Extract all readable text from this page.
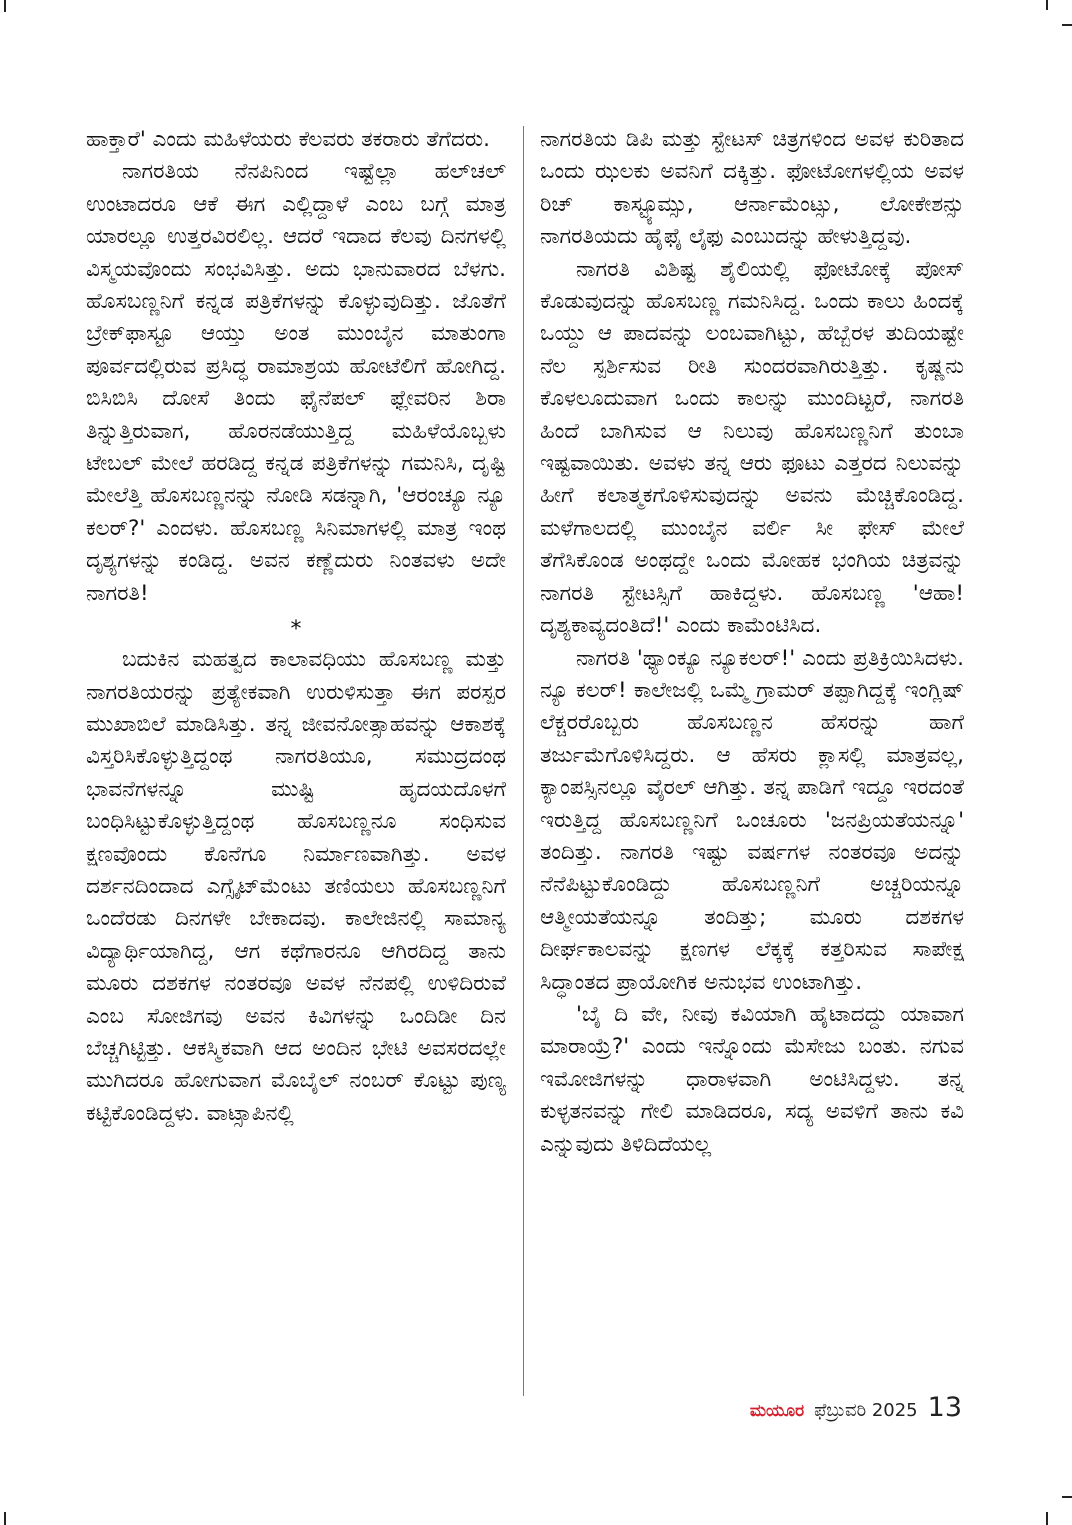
ಹಾಕ್ತಾರೆ' ಎಂದು ಮಹಿಳೆಯರು ಕೆಲವರು ತಕರಾರು ತೆಗೆದರು.

ನಾಗರತಿಯ ನೆನಪಿನಿಂದ ಇಷ್ಟೆಲ್ಲಾ ಹಲ್‌ಚಲ್ ಉಂಟಾದರೂ ಆಕೆ ಈಗ ಎಲ್ಲಿದ್ದಾಳೆ ಎಂಬ ಬಗ್ಗೆ ಮಾತ್ರ ಯಾರಲ್ಲೂ ಉತ್ತರವಿರಲಿಲ್ಲ. ಆದರೆ ಇದಾದ ಕೆಲವು ದಿನಗಳಲ್ಲಿ ವಿಸ್ಮಯವೊಂದು ಸಂಭವಿಸಿತ್ತು. ಅದು ಭಾನುವಾರದ ಬೆಳಗು. ಹೊಸಬಣ್ಣನಿಗೆ ಕನ್ನಡ ಪತ್ರಿಕೆಗಳನ್ನು ಕೊಳ್ಳುವುದಿತ್ತು. ಜೊತೆಗೆ ಬ್ರೇಕ್‌ಫಾಸ್ಟೂ ಆಯ್ತು ಅಂತ ಮುಂಬೈನ ಮಾತುಂಗಾ ಪೂರ್ವದಲ್ಲಿರುವ ಪ್ರಸಿದ್ಧ ರಾಮಾಶ್ರಯ ಹೋಟೆಲಿಗೆ ಹೋಗಿದ್ದ. ಬಿಸಿಬಿಸಿ ದೋಸೆ ತಿಂದು ಫೈನೆಪಲ್ ಫ್ಲೇವರಿನ ಶಿರಾ ತಿನ್ನುತ್ತಿರುವಾಗ, ಹೊರನಡೆಯುತ್ತಿದ್ದ ಮಹಿಳೆಯೊಬ್ಬಳು ಟೇಬಲ್ ಮೇಲೆ ಹರಡಿದ್ದ ಕನ್ನಡ ಪತ್ರಿಕೆಗಳನ್ನು ಗಮನಿಸಿ, ದೃಷ್ಟಿ ಮೇಲೆತ್ತಿ ಹೊಸಬಣ್ಣನನ್ನು ನೋಡಿ ಸಡನ್ನಾಗಿ, 'ಆರಂಚ್ಯೂ ನ್ಯೂ ಕಲರ್?' ಎಂದಳು. ಹೊಸಬಣ್ಣ ಸಿನಿಮಾಗಳಲ್ಲಿ ಮಾತ್ರ ಇಂಥ ದೃಶ್ಯಗಳನ್ನು ಕಂಡಿದ್ದ. ಅವನ ಕಣ್ಣೆದುರು ನಿಂತವಳು ಅದೇ ನಾಗರತಿ!

*

ಬದುಕಿನ ಮಹತ್ವದ ಕಾಲಾವಧಿಯು ಹೊಸಬಣ್ಣ ಮತ್ತು ನಾಗರತಿಯರನ್ನು ಪ್ರತ್ಯೇಕವಾಗಿ ಉರುಳಿಸುತ್ತಾ ಈಗ ಪರಸ್ಪರ ಮುಖಾಬಿಲೆ ಮಾಡಿಸಿತ್ತು. ತನ್ನ ಜೀವನೋತ್ಸಾಹವನ್ನು ಆಕಾಶಕ್ಕೆ ವಿಸ್ತರಿಸಿಕೊಳ್ಳುತ್ತಿದ್ದಂಥ ನಾಗರತಿಯೂ, ಸಮುದ್ರದಂಥ ಭಾವನೆಗಳನ್ನೂ ಮುಷ್ಟಿ ಹೃದಯದೊಳಗೆ ಬಂಧಿಸಿಟ್ಟುಕೊಳ್ಳುತ್ತಿದ್ದಂಥ ಹೊಸಬಣ್ಣನೂ ಸಂಧಿಸುವ ಕ್ಷಣವೊಂದು ಕೊನೆಗೂ ನಿರ್ಮಾಣವಾಗಿತ್ತು. ಅವಳ ದರ್ಶನದಿಂದಾದ ಎಗ್ಸೈಟ್‌ಮೆಂಟು ತಣಿಯಲು ಹೊಸಬಣ್ಣನಿಗೆ ಒಂದೆರಡು ದಿನಗಳೇ ಬೇಕಾದವು. ಕಾಲೇಜಿನಲ್ಲಿ ಸಾಮಾನ್ಯ ವಿದ್ಯಾರ್ಥಿಯಾಗಿದ್ದ, ಆಗ ಕಥೆಗಾರನೂ ಆಗಿರದಿದ್ದ ತಾನು ಮೂರು ದಶಕಗಳ ನಂತರವೂ ಅವಳ ನೆನಪಲ್ಲಿ ಉಳಿದಿರುವೆ ಎಂಬ ಸೋಜಿಗವು ಅವನ ಕಿವಿಗಳನ್ನು ಒಂದಿಡೀ ದಿನ ಬೆಚ್ಚಗಿಟ್ಟಿತ್ತು. ಆಕಸ್ಮಿಕವಾಗಿ ಆದ ಅಂದಿನ ಭೇಟಿ ಅವಸರದಲ್ಲೇ ಮುಗಿದರೂ ಹೋಗುವಾಗ ಮೊಬೈಲ್ ನಂಬರ್ ಕೊಟ್ಟು ಪುಣ್ಯ ಕಟ್ಟಿಕೊಂಡಿದ್ದಳು. ವಾಟ್ಸಾಪಿನಲ್ಲಿ

ನಾಗರತಿಯ ಡಿಪಿ ಮತ್ತು ಸ್ಟೇಟಸ್ ಚಿತ್ರಗಳಿಂದ ಅವಳ ಕುರಿತಾದ ಒಂದು ಝಲಕು ಅವನಿಗೆ ದಕ್ಕಿತ್ತು. ಫೋಟೋಗಳಲ್ಲಿಯ ಅವಳ ರಿಚ್ ಕಾಸ್ಟ್ಯೂಮ್ಸು, ಆರ್ನಾಮೆಂಟ್ಸು, ಲೋಕೇಶನ್ಸು ನಾಗರತಿಯದು ಹೈಫೈ ಲೈಫು ಎಂಬುದನ್ನು ಹೇಳುತ್ತಿದ್ದವು.

ನಾಗರತಿ ವಿಶಿಷ್ಟ ಶೈಲಿಯಲ್ಲಿ ಫೋಟೋಕ್ಕೆ ಪೋಸ್ ಕೊಡುವುದನ್ನು ಹೊಸಬಣ್ಣ ಗಮನಿಸಿದ್ದ. ಒಂದು ಕಾಲು ಹಿಂದಕ್ಕೆ ಒಯ್ದು ಆ ಪಾದವನ್ನು ಲಂಬವಾಗಿಟ್ಟು, ಹೆಬ್ಬೆರಳ ತುದಿಯಷ್ಟೇ ನೆಲ ಸ್ಪರ್ಶಿಸುವ ರೀತಿ ಸುಂದರವಾಗಿರುತ್ತಿತ್ತು. ಕೃಷ್ಣನು ಕೊಳಲೂದುವಾಗ ಒಂದು ಕಾಲನ್ನು ಮುಂದಿಟ್ಟರೆ, ನಾಗರತಿ ಹಿಂದೆ ಬಾಗಿಸುವ ಆ ನಿಲುವು ಹೊಸಬಣ್ಣನಿಗೆ ತುಂಬಾ ಇಷ್ಟವಾಯಿತು. ಅವಳು ತನ್ನ ಆರು ಫೂಟು ಎತ್ತರದ ನಿಲುವನ್ನು ಹೀಗೆ ಕಲಾತ್ಮಕಗೊಳಿಸುವುದನ್ನು ಅವನು ಮೆಚ್ಚಿಕೊಂಡಿದ್ದ. ಮಳೆಗಾಲದಲ್ಲಿ ಮುಂಬೈನ ವರ್ಲಿ ಸೀ ಫೇಸ್ ಮೇಲೆ ತೆಗೆಸಿಕೊಂಡ ಅಂಥದ್ದೇ ಒಂದು ಮೋಹಕ ಭಂಗಿಯ ಚಿತ್ರವನ್ನು ನಾಗರತಿ ಸ್ಟೇಟಸ್ಸಿಗೆ ಹಾಕಿದ್ದಳು. ಹೊಸಬಣ್ಣ 'ಆಹಾ! ದೃಶ್ಯಕಾವ್ಯದಂತಿದೆ!' ಎಂದು ಕಾಮೆಂಟಿಸಿದ.

ನಾಗರತಿ 'ಥ್ಯಾಂಕ್ಯೂ ನ್ಯೂಕಲರ್!' ಎಂದು ಪ್ರತಿಕ್ರಿಯಿಸಿದಳು. ನ್ಯೂ ಕಲರ್! ಕಾಲೇಜಲ್ಲಿ ಒಮ್ಮೆ ಗ್ರಾಮರ್ ತಪ್ಪಾಗಿದ್ದಕ್ಕೆ ಇಂಗ್ಲಿಷ್ ಲೆಕ್ಚರರೊಬ್ಬರು ಹೊಸಬಣ್ಣನ ಹೆಸರನ್ನು ಹಾಗೆ ತರ್ಜುಮೆಗೊಳಿಸಿದ್ದರು. ಆ ಹೆಸರು ಕ್ಲಾಸಲ್ಲಿ ಮಾತ್ರವಲ್ಲ, ಕ್ಯಾಂಪಸ್ಸಿನಲ್ಲೂ ವೈರಲ್ ಆಗಿತ್ತು. ತನ್ನ ಪಾಡಿಗೆ ಇದ್ದೂ ಇರದಂತೆ ಇರುತ್ತಿದ್ದ ಹೊಸಬಣ್ಣನಿಗೆ ಒಂಚೂರು 'ಜನಪ್ರಿಯತೆಯನ್ನೂ' ತಂದಿತ್ತು. ನಾಗರತಿ ಇಷ್ಟು ವರ್ಷಗಳ ನಂತರವೂ ಅದನ್ನು ನೆನೆಪಿಟ್ಟುಕೊಂಡಿದ್ದು ಹೊಸಬಣ್ಣನಿಗೆ ಅಚ್ಚರಿಯನ್ನೂ ಆತ್ಮೀಯತೆಯನ್ನೂ ತಂದಿತ್ತು; ಮೂರು ದಶಕಗಳ ದೀರ್ಘಕಾಲವನ್ನು ಕ್ಷಣಗಳ ಲೆಕ್ಕಕ್ಕೆ ಕತ್ತರಿಸುವ ಸಾಪೇಕ್ಷ ಸಿದ್ಧಾಂತದ ಪ್ರಾಯೋಗಿಕ ಅನುಭವ ಉಂಟಾಗಿತ್ತು.

'ಬೈ ದಿ ವೇ, ನೀವು ಕವಿಯಾಗಿ ಹೈಟಾದದ್ದು ಯಾವಾಗ ಮಾರಾಯ್ರೆ?' ಎಂದು ಇನ್ನೊಂದು ಮೆಸೇಜು ಬಂತು. ನಗುವ ಇಮೋಜಿಗಳನ್ನು ಧಾರಾಳವಾಗಿ ಅಂಟಿಸಿದ್ದಳು. ತನ್ನ ಕುಳ್ಳತನವನ್ನು ಗೇಲಿ ಮಾಡಿದರೂ, ಸದ್ಯ ಅವಳಿಗೆ ತಾನು ಕವಿ ಎನ್ನುವುದು ತಿಳಿದಿದೆಯಲ್ಲ

ಮಯೂರ ಫೆಬ್ರುವರಿ 2025 13
